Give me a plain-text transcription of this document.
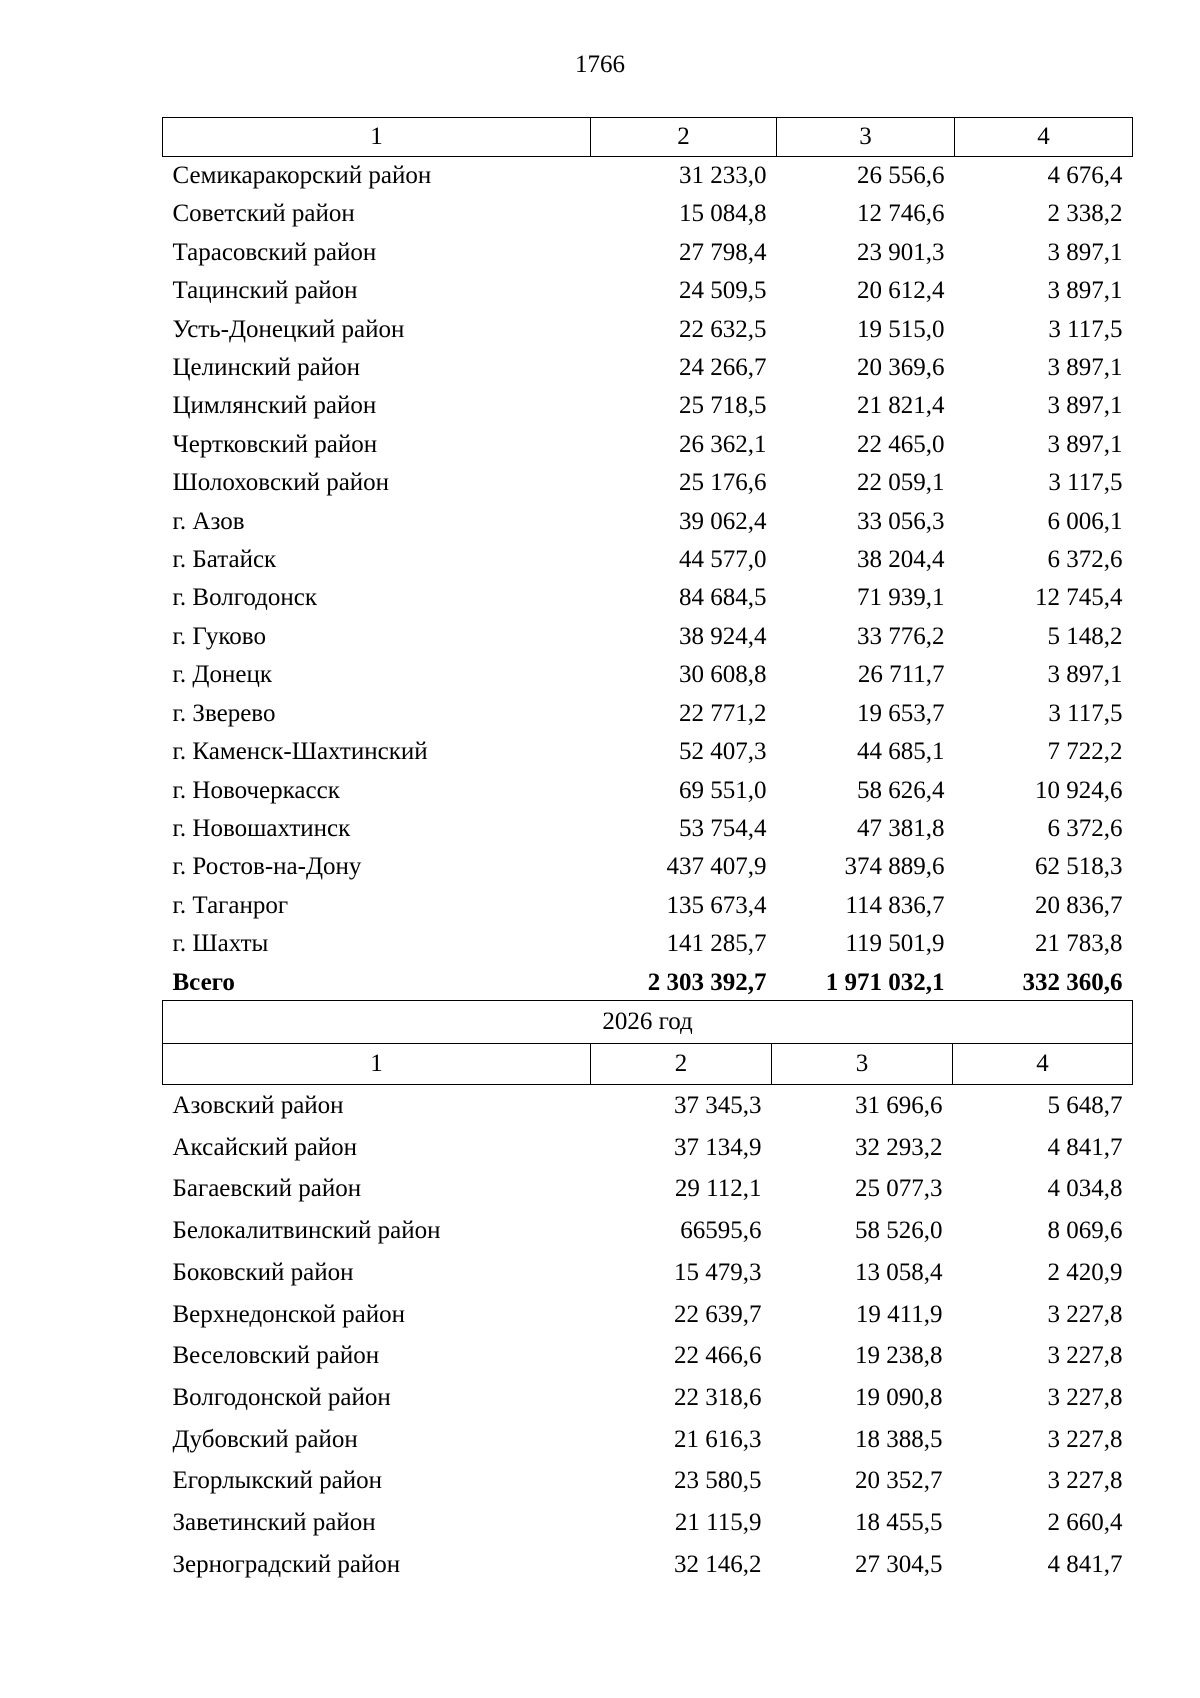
1766
1	2	3	4
Семикаракорский район	31 233,0	26 556,6	4 676,4
Советский район	15 084,8	12 746,6	2 338,2
Тарасовский район	27 798,4	23 901,3	3 897,1
Тацинский район	24 509,5	20 612,4	3 897,1
Усть-Донецкий район	22 632,5	19 515,0	3 117,5
Целинский район	24 266,7	20 369,6	3 897,1
Цимлянский район	25 718,5	21 821,4	3 897,1
Чертковский район	26 362,1	22 465,0	3 897,1
Шолоховский район	25 176,6	22 059,1	3 117,5
г. Азов	39 062,4	33 056,3	6 006,1
г. Батайск	44 577,0	38 204,4	6 372,6
г. Волгодонск	84 684,5	71 939,1	12 745,4
г. Гуково	38 924,4	33 776,2	5 148,2
г. Донецк	30 608,8	26 711,7	3 897,1
г. Зверево	22 771,2	19 653,7	3 117,5
г. Каменск-Шахтинский	52 407,3	44 685,1	7 722,2
г. Новочеркасск	69 551,0	58 626,4	10 924,6
г. Новошахтинск	53 754,4	47 381,8	6 372,6
г. Ростов-на-Дону	437 407,9	374 889,6	62 518,3
г. Таганрог	135 673,4	114 836,7	20 836,7
г. Шахты	141 285,7	119 501,9	21 783,8
Всего	2 303 392,7	1 971 032,1	332 360,6
2026 год			
1	2	3	4
Азовский район	37 345,3	31 696,6	5 648,7
Аксайский район	37 134,9	32 293,2	4 841,7
Багаевский район	29 112,1	25 077,3	4 034,8
Белокалитвинский район	66595,6	58 526,0	8 069,6
Боковский район	15 479,3	13 058,4	2 420,9
Верхнедонской район	22 639,7	19 411,9	3 227,8
Веселовский район	22 466,6	19 238,8	3 227,8
Волгодонской район	22 318,6	19 090,8	3 227,8
Дубовский район	21 616,3	18 388,5	3 227,8
Егорлыкский район	23 580,5	20 352,7	3 227,8
Заветинский район	21 115,9	18 455,5	2 660,4
Зерноградский район	32 146,2	27 304,5	4 841,7
